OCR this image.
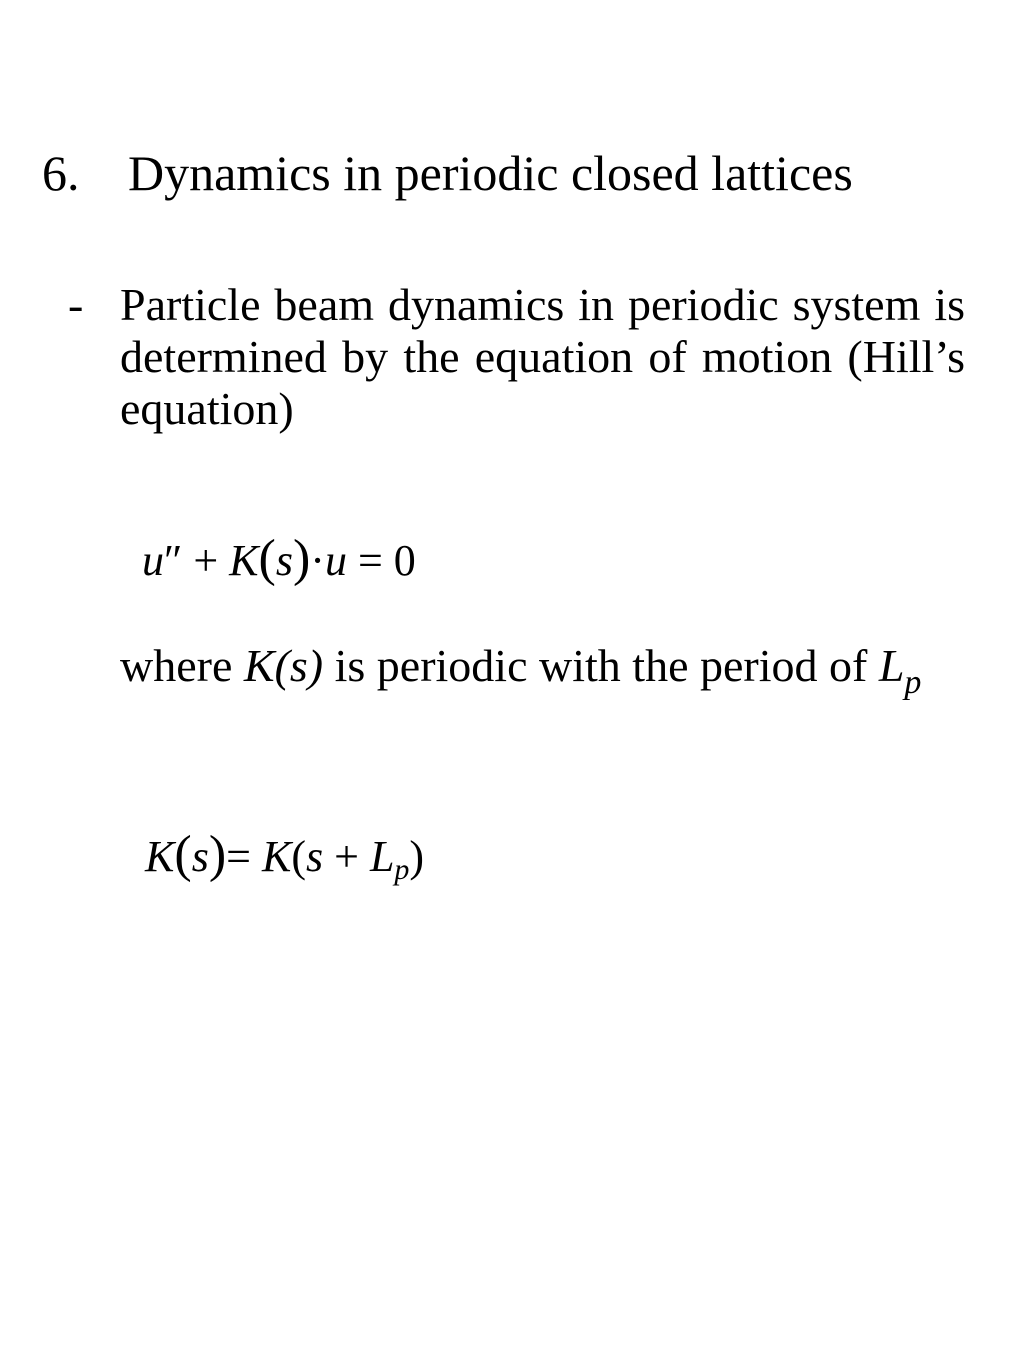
6. Dynamics in periodic closed lattices
- Particle beam dynamics in periodic system is determined by the equation of motion (Hill’s equation)
u″ + K(s)·u = 0
where K(s) is periodic with the period of $L_p$
$K(s)= K(s + L_p)$
